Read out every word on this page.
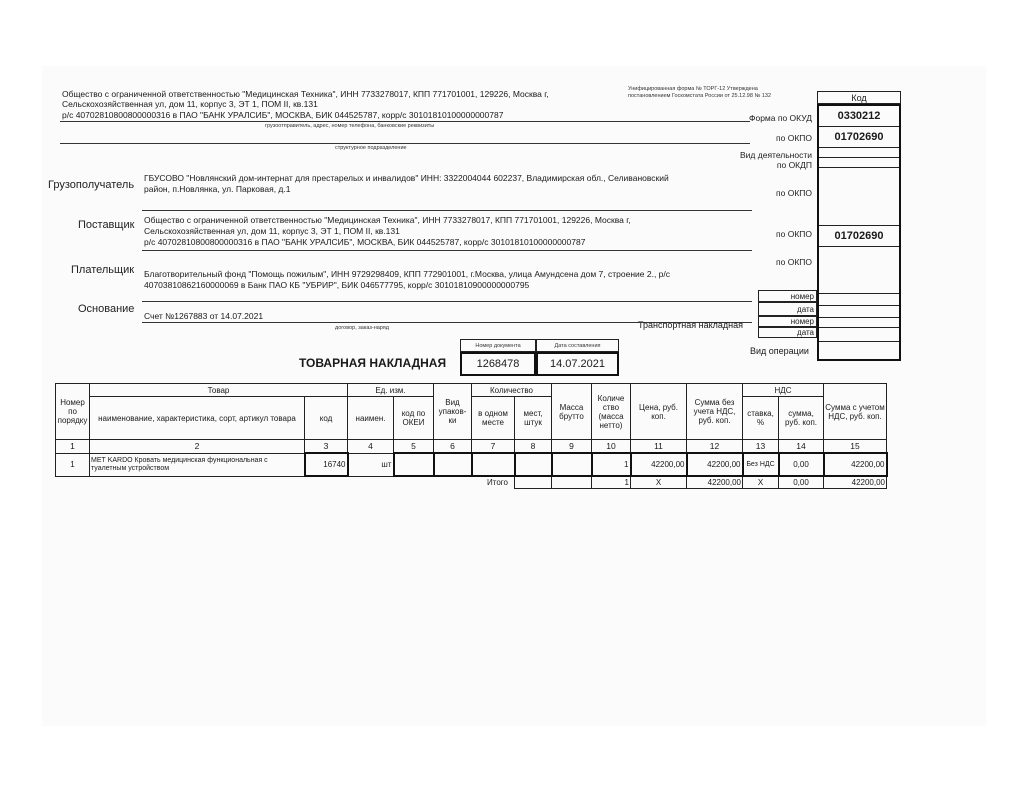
Общество с ограниченной ответственностью "Медицинская Техника", ИНН 7733278017, КПП 771701001, 129226, Москва г,
Сельскохозяйственная ул, дом 11, корпус 3, ЭТ 1, ПОМ II, кв.131
р/с 40702810800800000316 в ПАО "БАНК УРАЛСИБ", МОСКВА, БИК 044525787, корр/с 30101810100000000787
грузоотправитель, адрес, номер телефона, банковские реквизиты
структурное подразделение
Унифицированная форма № ТОРГ-12 Утверждена
постановлением Госкомстата России от 25.12.98 № 132	Код
0330212
01702690
01702690
Форма по ОКУД
по ОКПО
Вид деятельности
по ОКДП
по ОКПО
по ОКПО
по ОКПО
номер
дата
номер
дата
Транспортная накладная
Вид операции
Грузополучатель
ГБУСОВО "Новлянский дом-интернат для престарелых и инвалидов" ИНН: 3322004044 602237, Владимирская обл., Селивановский
район, п.Новлянка, ул. Парковая, д.1
Поставщик Общество с ограниченной ответственностью "Медицинская Техника", ИНН 7733278017, КПП 771701001, 129226, Москва г,
Сельскохозяйственная ул, дом 11, корпус 3, ЭТ 1, ПОМ II, кв.131
р/с 40702810800800000316 в ПАО "БАНК УРАЛСИБ", МОСКВА, БИК 044525787, корр/с 30101810100000000787
Плательщик Благотворительный фонд "Помощь пожилым", ИНН 9729298409, КПП 772901001, г.Москва, улица Амундсена дом 7, строение 2., р/с
40703810862160000069 в Банк ПАО КБ "УБРИР", БИК 046577795, корр/с 30101810900000000795
Основание
Счет №1267883 от 14.07.2021
договор, заказ-наряд
ТОВАРНАЯ НАКЛАДНАЯ
Номер документа	Дата составления
1268478	14.07.2021
Номер по порядку	Товар		Ед. изм.		Вид упаков- ки	Количество		Масса брутто	Количе ство (масса нетто)	Цена, руб. коп.	Сумма без учета НДС, руб. коп.	НДС		Сумма с учетом НДС, руб. коп.
	наименование, характеристика, сорт, артикул товара	код	наимен.	код по ОКЕИ		в одном месте	мест, штук					ставка, %	сумма, руб. коп.	
1	2	3	4	5	6	7	8	9	10	11	12	13	14	15
1	МЕТ KARDO Кровать медицинская функциональная с туалетным устройством	16740	шт						1	42200,00	42200,00	Без НДС	0,00	42200,00
Итого									1	Х	42200,00	Х	0,00	42200,00
